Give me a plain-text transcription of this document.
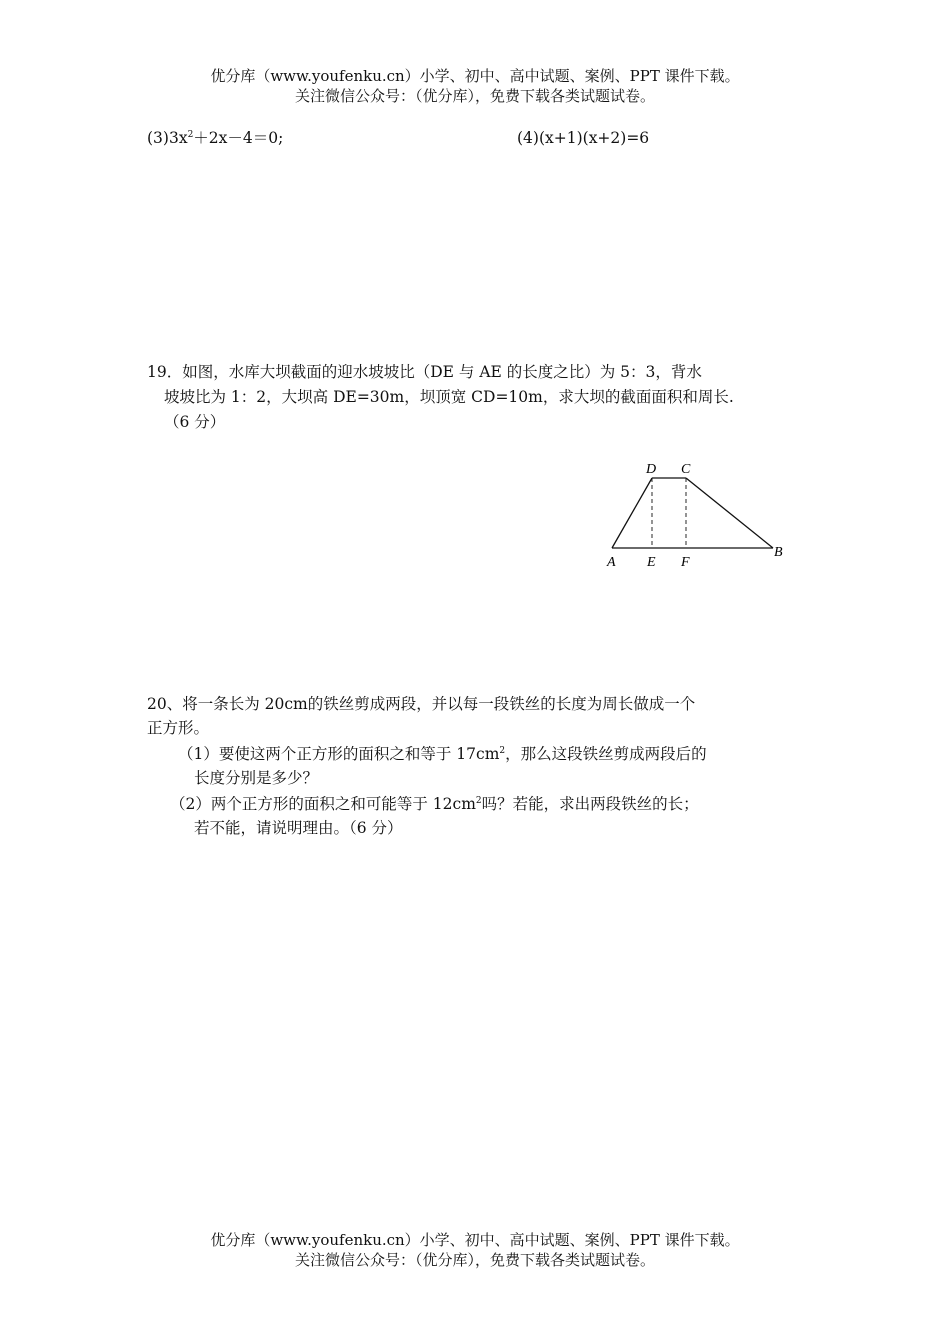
优分库（www.youfenku.cn）小学、初中、高中试题、案例、PPT 课件下载。
关注微信公众号：（优分库），免费下载各类试题试卷。
$(3)3x^2+2x-4=0$;	(4)(x+1)(x+2)=6
19．如图，水库大坝截面的迎水坡坡比（DE 与 AE 的长度之比）为 5：3，背水
坡坡比为 1：2，大坝高 DE=30m，坝顶宽 CD=10m，求大坝的截面面积和周长.
（6 分）
D C
A E F
B
20、将一条长为 20cm的铁丝剪成两段，并以每一段铁丝的长度为周长做成一个
正方形。
（1）要使这两个正方形的面积之和等于 $17cm^2$，那么这段铁丝剪成两段后的
长度分别是多少？
（2）两个正方形的面积之和可能等于 $12cm^2$吗？若能，求出两段铁丝的长；
若不能，请说明理由。（6 分）
优分库（www.youfenku.cn）小学、初中、高中试题、案例、PPT 课件下载。
关注微信公众号：（优分库），免费下载各类试题试卷。
